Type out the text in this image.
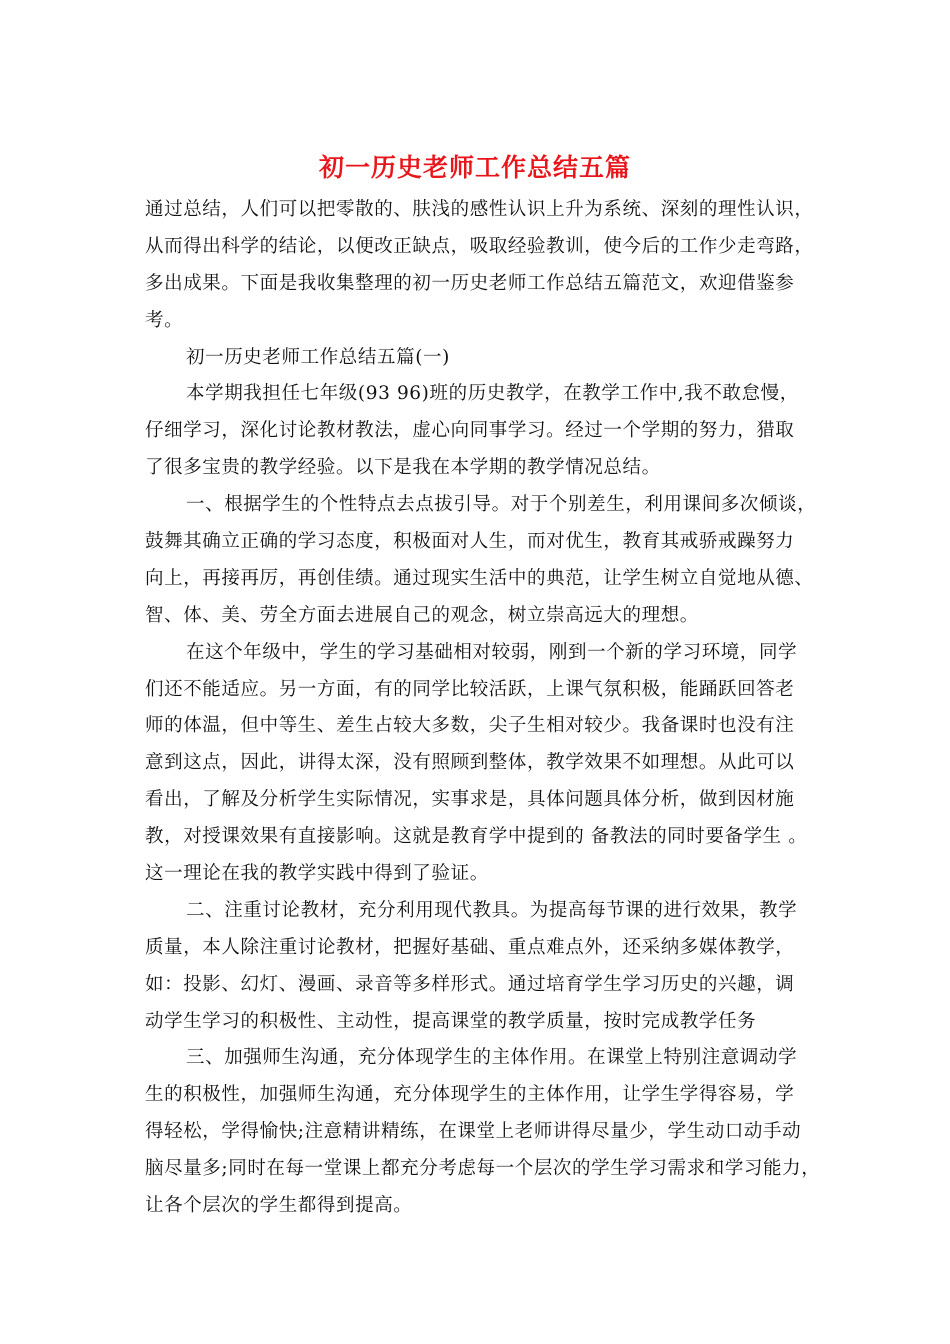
初一历史老师工作总结五篇
通过总结，人们可以把零散的、肤浅的感性认识上升为系统、深刻的理性认识，
从而得出科学的结论，以便改正缺点，吸取经验教训，使今后的工作少走弯路，
多出成果。下面是我收集整理的初一历史老师工作总结五篇范文，欢迎借鉴参
考。
初一历史老师工作总结五篇(一)
本学期我担任七年级(93 96)班的历史教学，在教学工作中,我不敢怠慢，
仔细学习，深化讨论教材教法，虚心向同事学习。经过一个学期的努力，猎取
了很多宝贵的教学经验。以下是我在本学期的教学情况总结。
一、根据学生的个性特点去点拔引导。对于个别差生，利用课间多次倾谈，
鼓舞其确立正确的学习态度，积极面对人生，而对优生，教育其戒骄戒躁努力
向上，再接再厉，再创佳绩。通过现实生活中的典范，让学生树立自觉地从德、
智、体、美、劳全方面去进展自己的观念，树立崇高远大的理想。
在这个年级中，学生的学习基础相对较弱，刚到一个新的学习环境，同学
们还不能适应。另一方面，有的同学比较活跃，上课气氛积极，能踊跃回答老
师的体温，但中等生、差生占较大多数，尖子生相对较少。我备课时也没有注
意到这点，因此，讲得太深，没有照顾到整体，教学效果不如理想。从此可以
看出，了解及分析学生实际情况，实事求是，具体问题具体分析，做到因材施
教，对授课效果有直接影响。这就是教育学中提到的 备教法的同时要备学生 。
这一理论在我的教学实践中得到了验证。
二、注重讨论教材，充分利用现代教具。为提高每节课的进行效果，教学
质量，本人除注重讨论教材，把握好基础、重点难点外，还采纳多媒体教学，
如：投影、幻灯、漫画、录音等多样形式。通过培育学生学习历史的兴趣，调
动学生学习的积极性、主动性，提高课堂的教学质量，按时完成教学任务
三、加强师生沟通，充分体现学生的主体作用。在课堂上特别注意调动学
生的积极性，加强师生沟通，充分体现学生的主体作用，让学生学得容易，学
得轻松，学得愉快;注意精讲精练，在课堂上老师讲得尽量少，学生动口动手动
脑尽量多;同时在每一堂课上都充分考虑每一个层次的学生学习需求和学习能力，
让各个层次的学生都得到提高。
